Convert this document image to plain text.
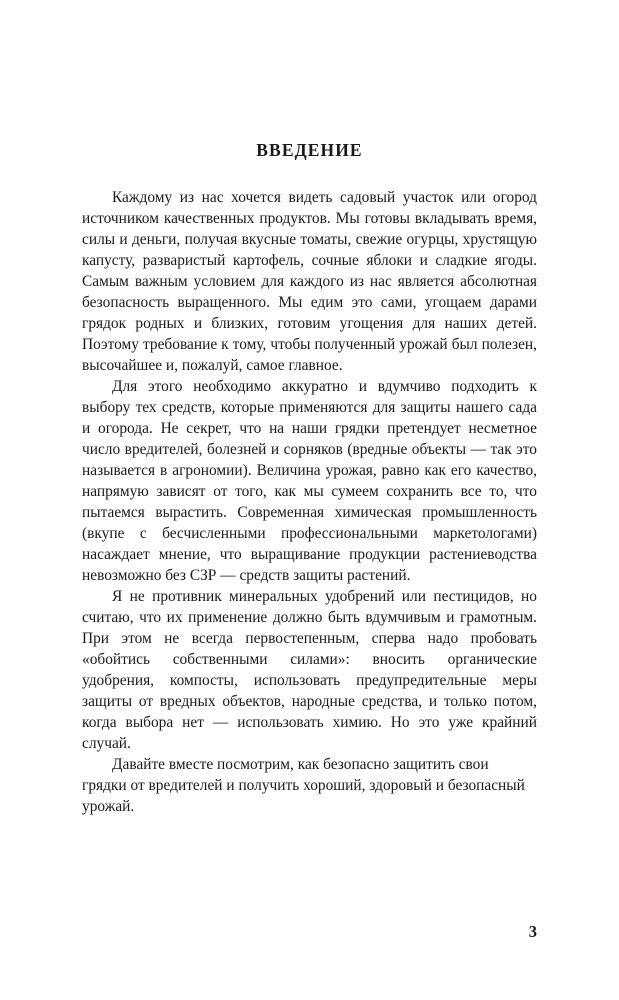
ВВЕДЕНИЕ

Каждому из нас хочется видеть садовый участок или огород источником качественных продуктов. Мы готовы вкладывать время, силы и деньги, получая вкусные томаты, свежие огурцы, хрустящую капусту, разваристый картофель, сочные яблоки и сладкие ягоды. Самым важным условием для каждого из нас является абсолютная безопасность выращенного. Мы едим это сами, угощаем дарами грядок родных и близких, готовим угощения для наших детей. Поэтому требование к тому, чтобы полученный урожай был полезен, высочайшее и, пожалуй, самое главное.

Для этого необходимо аккуратно и вдумчиво подходить к выбору тех средств, которые применяются для защиты нашего сада и огорода. Не секрет, что на наши грядки претендует несметное число вредителей, болезней и сорняков (вредные объекты — так это называется в агрономии). Величина урожая, равно как его качество, напрямую зависят от того, как мы сумеем сохранить все то, что пытаемся вырастить. Современная химическая промышленность (вкупе с бесчисленными профессиональными маркетологами) насаждает мнение, что выращивание продукции растениеводства невозможно без СЗР — средств защиты растений.

Я не противник минеральных удобрений или пестицидов, но считаю, что их применение должно быть вдумчивым и грамотным. При этом не всегда первостепенным, сперва надо пробовать «обойтись собственными силами»: вносить органические удобрения, компосты, использовать предупредительные меры защиты от вредных объектов, народные средства, и только потом, когда выбора нет — использовать химию. Но это уже крайний случай.

Давайте вместе посмотрим, как безопасно защитить свои грядки от вредителей и получить хороший, здоровый и безопасный урожай.

3
